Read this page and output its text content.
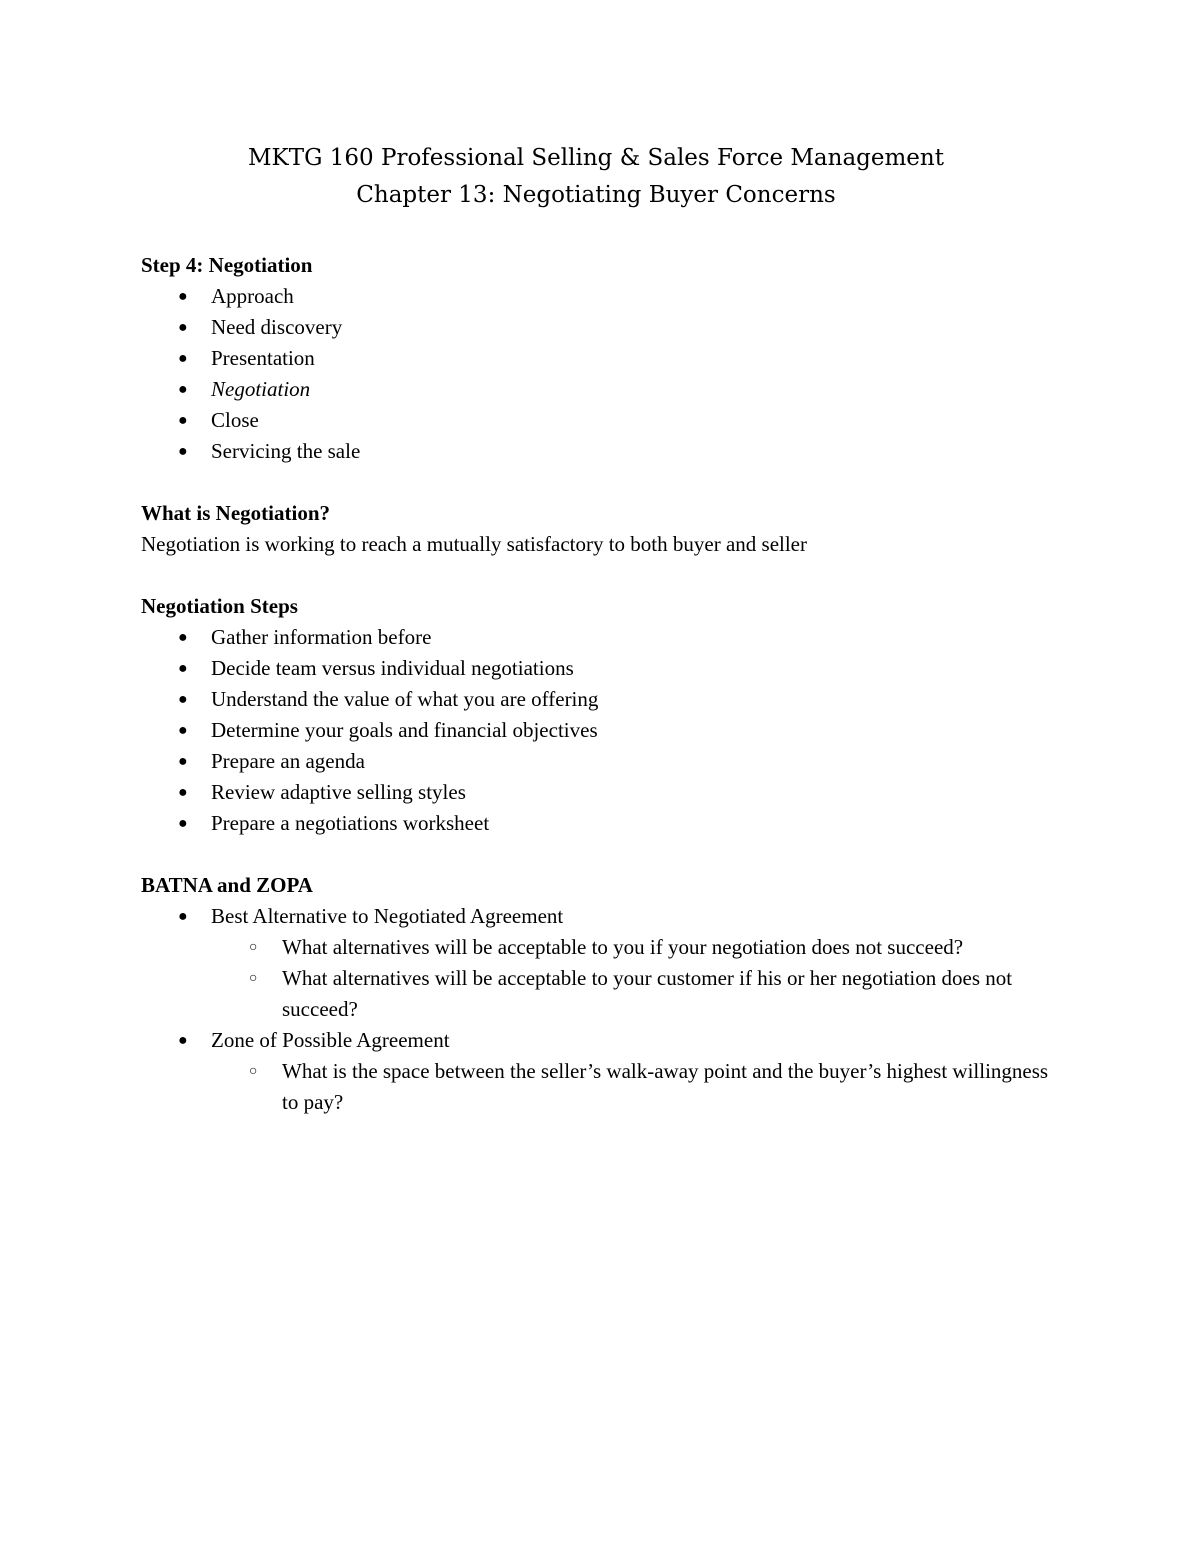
MKTG 160 Professional Selling & Sales Force Management
Chapter 13: Negotiating Buyer Concerns
Step 4: Negotiation
●	Approach
●	Need discovery
●	Presentation
●	Negotiation
●	Close
●	Servicing the sale
What is Negotiation?
Negotiation is working to reach a mutually satisfactory to both buyer and seller
Negotiation Steps
●	Gather information before
●	Decide team versus individual negotiations
●	Understand the value of what you are offering
●	Determine your goals and financial objectives
●	Prepare an agenda
●	Review adaptive selling styles
●	Prepare a negotiations worksheet
BATNA and ZOPA
●	Best Alternative to Negotiated Agreement
○ What alternatives will be acceptable to you if your negotiation does not succeed?
○ What alternatives will be acceptable to your customer if his or her negotiation does not succeed?
●	Zone of Possible Agreement
○ What is the space between the seller’s walk-away point and the buyer’s highest willingness to pay?
